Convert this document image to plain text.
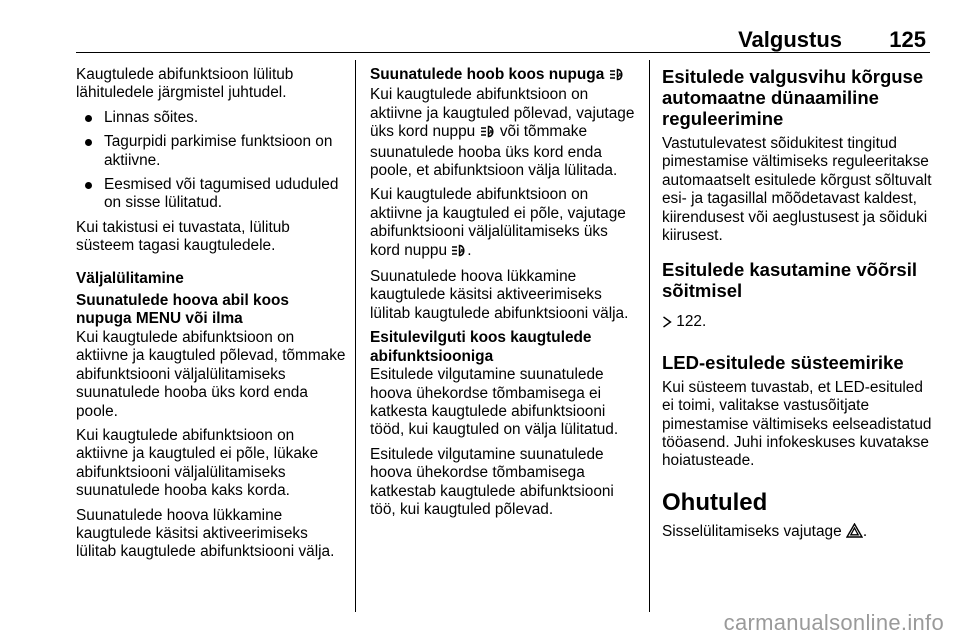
Valgustus 125

Kaugtulede abifunktsioon lülitub lähituledele järgmistel juhtudel.

Linnas sõites.
Tagurpidi parkimise funktsioon on aktiivne.
Eesmised või tagumised ududuled on sisse lülitatud.

Kui takistusi ei tuvastata, lülitub süsteem tagasi kaugtuledele.

Väljalülitamine
Suunatulede hoova abil koos nupuga MENU või ilma

Kui kaugtulede abifunktsioon on aktiivne ja kaugtuled põlevad, tõmmake abifunktsiooni väljalülitamiseks suunatulede hooba üks kord enda poole.

Kui kaugtulede abifunktsioon on aktiivne ja kaugtuled ei põle, lükake abifunktsiooni väljalülitamiseks suunatulede hooba kaks korda.

Suunatulede hoova lükkamine kaugtulede käsitsi aktiveerimiseks lülitab kaugtulede abifunktsiooni välja.

Suunatulede hoob koos nupuga	A

Kui kaugtulede abifunktsioon on aktiivne ja kaugtuled põlevad, vajutage üks kord nuppu	A või tõmmake suunatulede hooba üks kord enda poole, et abifunktsioon välja lülitada.

Kui kaugtulede abifunktsioon on aktiivne ja kaugtuled ei põle, vajutage abifunktsiooni väljalülitamiseks üks kord nuppu	A .

Suunatulede hoova lükkamine kaugtulede käsitsi aktiveerimiseks lülitab kaugtulede abifunktsiooni välja.

Esitulevilguti koos kaugtulede abifunktsiooniga

Esitulede vilgutamine suunatulede hoova ühekordse tõmbamisega ei katkesta kaugtulede abifunktsiooni tööd, kui kaugtuled on välja lülitatud.

Esitulede vilgutamine suunatulede hoova ühekordse tõmbamisega katkestab kaugtulede abifunktsiooni töö, kui kaugtuled põlevad.

Esitulede valgusvihu kõrguse automaatne dünaamiline reguleerimine

Vastutulevatest sõidukitest tingitud pimestamise vältimiseks reguleeritakse automaatselt esitulede kõrgust sõltuvalt esi- ja tagasillal mõõdetavast kaldest, kiirendusest või aeglustusest ja sõiduki kiirusest.

Esitulede kasutamine võõrsil sõitmisel

122.

LED-esitulede süsteemirike

Kui süsteem tuvastab, et LED-esituled ei toimi, valitakse vastusõitjate pimestamise vältimiseks eelseadistatud tööasend. Juhi infokeskuses kuvatakse hoiatusteade.

Ohutuled

Sisselülitamiseks vajutage .

carmanualsonline.info
